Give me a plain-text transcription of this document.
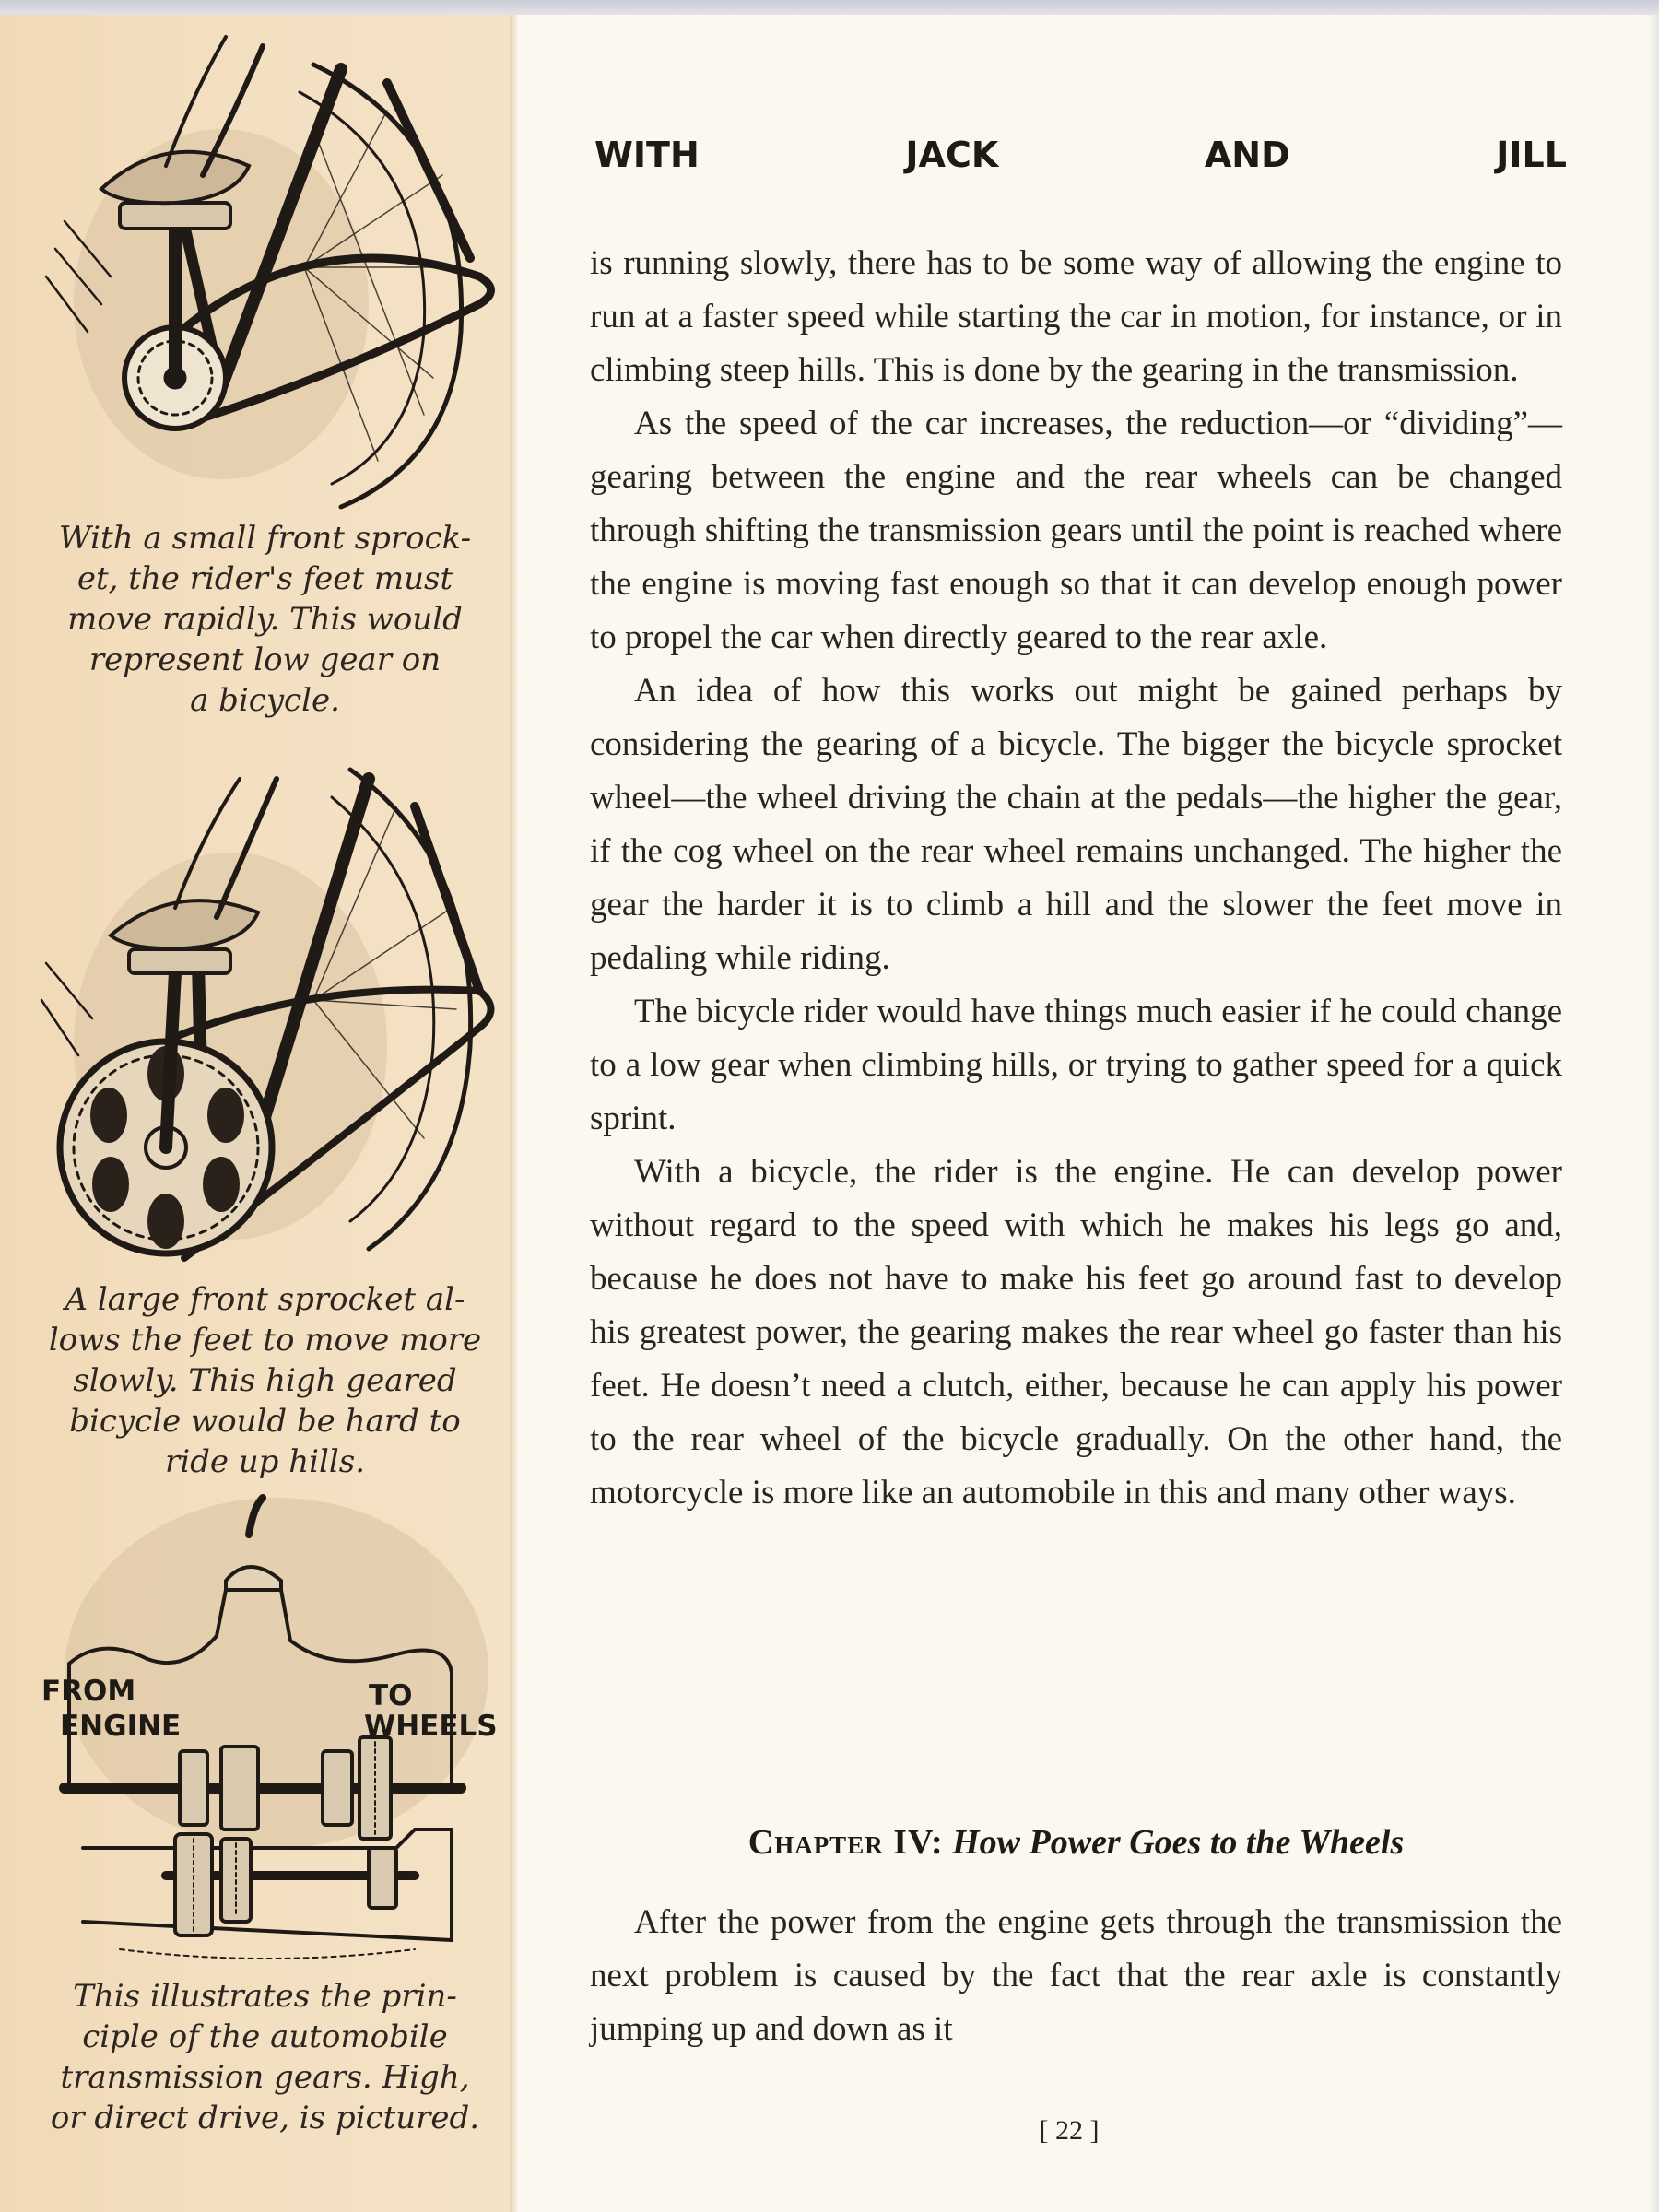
With a small front sprock-
et, the rider's feet must
move rapidly. This would
represent low gear on
a bicycle.

A large front sprocket al-
lows the feet to move more
slowly. This high geared
bicycle would be hard to
ride up hills.

FROM
ENGINE
TO
WHEELS

This illustrates the prin-
ciple of the automobile
transmission gears. High,
or direct drive, is pictured.

WITH	JACK	AND	JILL

is running slowly, there has to be some way of allowing the engine to run at a faster speed while starting the car in motion, for instance, or in climbing steep hills. This is done by the gearing in the transmission.

As the speed of the car increases, the reduction—or “dividing”—gearing between the engine and the rear wheels can be changed through shifting the transmission gears until the point is reached where the engine is moving fast enough so that it can develop enough power to propel the car when directly geared to the rear axle.

An idea of how this works out might be gained perhaps by considering the gearing of a bicycle. The bigger the bicycle sprocket wheel—the wheel driving the chain at the pedals—the higher the gear, if the cog wheel on the rear wheel remains unchanged. The higher the gear the harder it is to climb a hill and the slower the feet move in pedaling while riding.

The bicycle rider would have things much easier if he could change to a low gear when climbing hills, or trying to gather speed for a quick sprint.

With a bicycle, the rider is the engine. He can develop power without regard to the speed with which he makes his legs go and, because he does not have to make his feet go around fast to develop his greatest power, the gearing makes the rear wheel go faster than his feet. He doesn’t need a clutch, either, because he can apply his power to the rear wheel of the bicycle gradually. On the other hand, the motorcycle is more like an automobile in this and many other ways.

Chapter IV: How Power Goes to the Wheels

After the power from the engine gets through the transmission the next problem is caused by the fact that the rear axle is constantly jumping up and down as it

[ 22 ]
